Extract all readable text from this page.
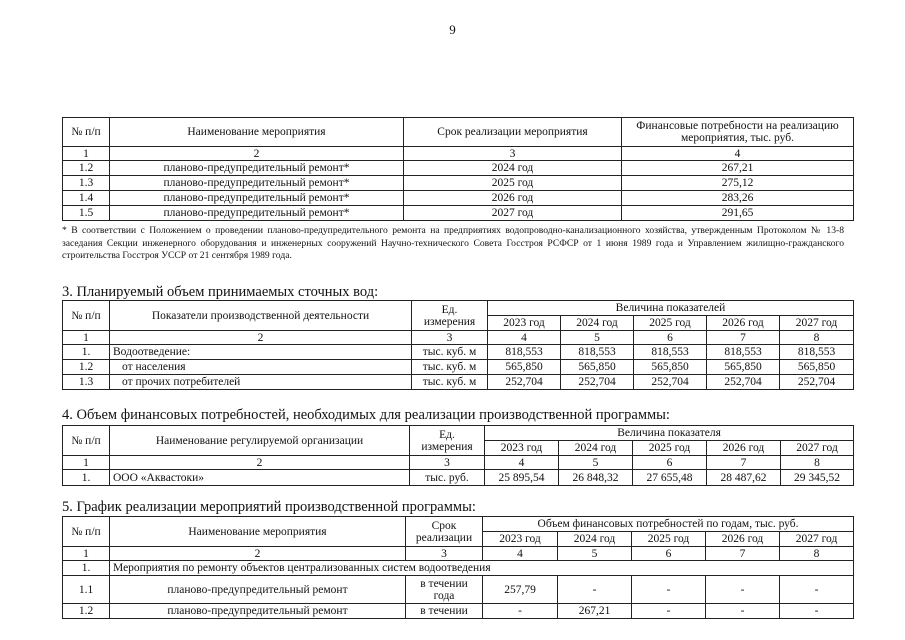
9
№ п/п	Наименование мероприятия	Срок реализации мероприятия	Финансовые потребности на реализацию мероприятия, тыс. руб.
1	2	3	4
1.2	планово-предупредительный ремонт*	2024 год	267,21
1.3	планово-предупредительный ремонт*	2025 год	275,12
1.4	планово-предупредительный ремонт*	2026 год	283,26
1.5	планово-предупредительный ремонт*	2027 год	291,65
* В соответствии с Положением о проведении планово-предупредительного ремонта на предприятиях водопроводно-канализационного хозяйства, утвержденным Протоколом № 13-8 заседания Секции инженерного оборудования и инженерных сооружений Научно-технического Совета Госстроя РСФСР от 1 июня 1989 года и Управлением жилищно-гражданского строительства Госстроя УССР от 21 сентября 1989 года.
3. Планируемый объем принимаемых сточных вод:
№ п/п	Показатели производственной деятельности	Ед. измерения	Величина показателей				
			2023 год	2024 год	2025 год	2026 год	2027 год
1	2	3	4	5	6	7	8
1.	Водоотведение:	тыс. куб. м	818,553	818,553	818,553	818,553	818,553
1.2	от населения	тыс. куб. м	565,850	565,850	565,850	565,850	565,850
1.3	от прочих потребителей	тыс. куб. м	252,704	252,704	252,704	252,704	252,704
4. Объем финансовых потребностей, необходимых для реализации производственной программы:
№ п/п	Наименование регулируемой организации	Ед. измерения	Величина показателя				
			2023 год	2024 год	2025 год	2026 год	2027 год
1	2	3	4	5	6	7	8
1.	ООО «Аквастоки»	тыс. руб.	25 895,54	26 848,32	27 655,48	28 487,62	29 345,52
5. График реализации мероприятий производственной программы:
№ п/п	Наименование мероприятия	Срок реализации	Объем финансовых потребностей по годам, тыс. руб.				
			2023 год	2024 год	2025 год	2026 год	2027 год
1	2	3	4	5	6	7	8
1.	Мероприятия по ремонту объектов централизованных систем водоотведения						
1.1	планово-предупредительный ремонт	в течении года	257,79	-	-	-	-
1.2	планово-предупредительный ремонт	в течении	-	267,21	-	-	-
